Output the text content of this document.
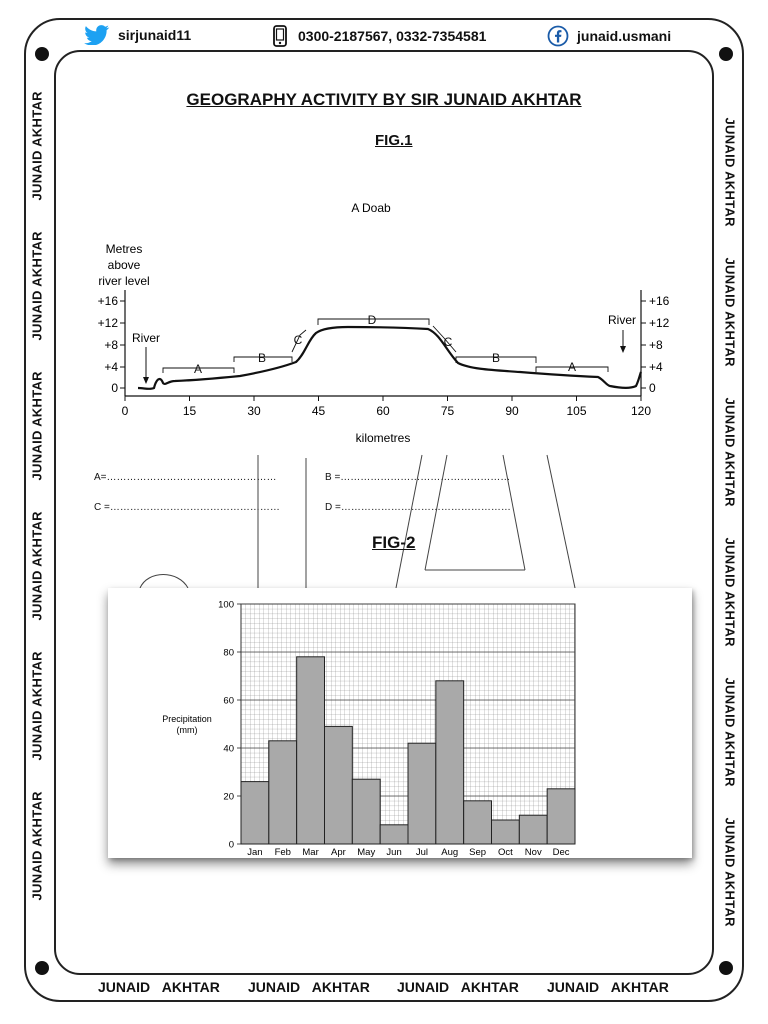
sirjunaid11	0300-2187567, 0332-7354581	junaid.usmani
JUNAID AKHTAR
JUNAID AKHTAR
JUNAID AKHTAR
JUNAID AKHTAR
JUNAID AKHTAR
JUNAID AKHTAR
JUNAID AKHTAR
JUNAID AKHTAR
JUNAID AKHTAR
JUNAID AKHTAR
JUNAID AKHTAR
JUNAID AKHTAR
JUNAID AKHTAR JUNAID AKHTAR JUNAID AKHTAR JUNAID AKHTAR
GEOGRAPHY ACTIVITY BY SIR JUNAID AKHTAR
FIG.1
A Doab
Metres
above
river level
+16
+12
+8
+4
0
+16
+12
+8
+4
0
0	15	30	45	60	75	90	105	120
kilometres
River
River
A
B
C
D
C
B
A
A=……………………………………………	B =……………………………………………
C =……………………………………………	D =……………………………………………
FIG-2
0
20
40
60
80
100
Jan Feb Mar Apr May Jun Jul Aug Sep Oct Nov Dec
Precipitation
(mm)
